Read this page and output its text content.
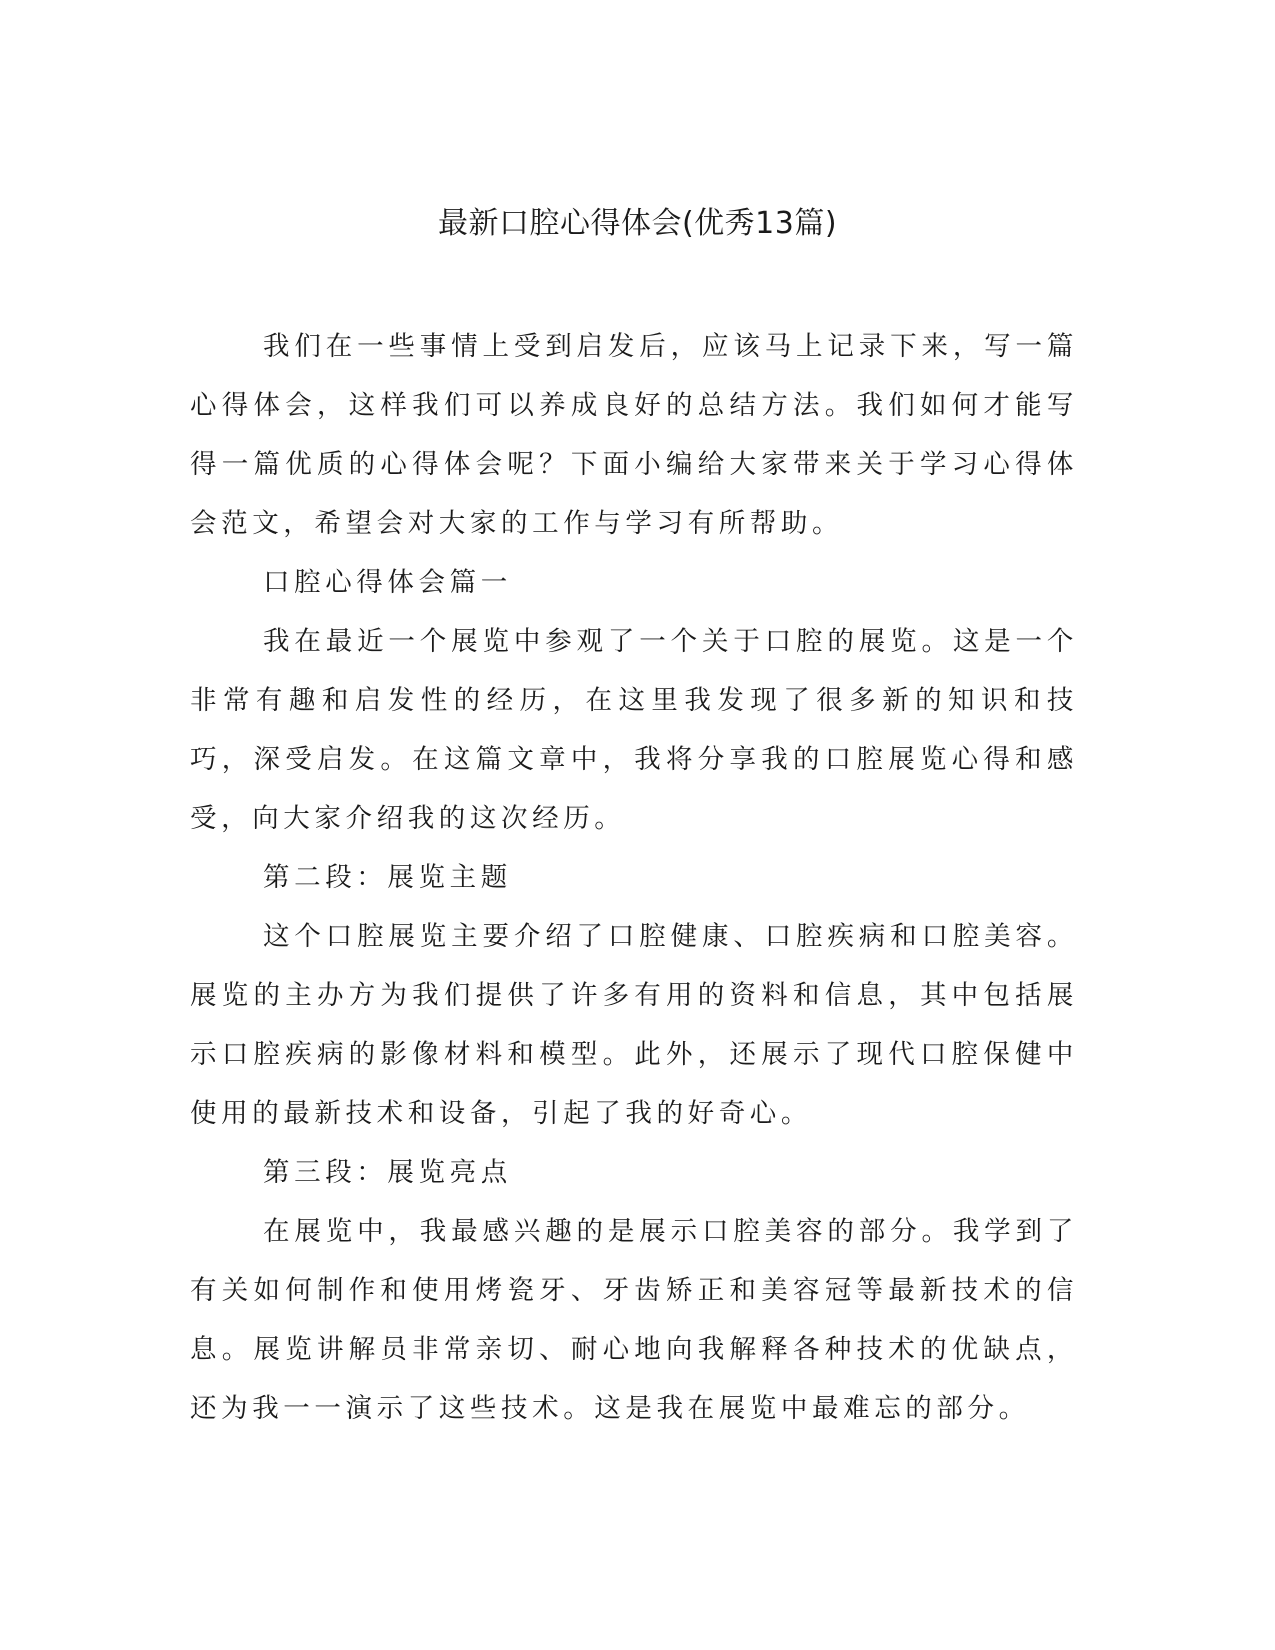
最新口腔心得体会(优秀13篇)

我们在一些事情上受到启发后，应该马上记录下来，写一篇心得体会，这样我们可以养成良好的总结方法。我们如何才能写得一篇优质的心得体会呢？下面小编给大家带来关于学习心得体会范文，希望会对大家的工作与学习有所帮助。

口腔心得体会篇一

我在最近一个展览中参观了一个关于口腔的展览。这是一个非常有趣和启发性的经历，在这里我发现了很多新的知识和技巧，深受启发。在这篇文章中，我将分享我的口腔展览心得和感受，向大家介绍我的这次经历。

第二段：展览主题

这个口腔展览主要介绍了口腔健康、口腔疾病和口腔美容。展览的主办方为我们提供了许多有用的资料和信息，其中包括展示口腔疾病的影像材料和模型。此外，还展示了现代口腔保健中使用的最新技术和设备，引起了我的好奇心。

第三段：展览亮点

在展览中，我最感兴趣的是展示口腔美容的部分。我学到了有关如何制作和使用烤瓷牙、牙齿矫正和美容冠等最新技术的信息。展览讲解员非常亲切、耐心地向我解释各种技术的优缺点，还为我一一演示了这些技术。这是我在展览中最难忘的部分。
